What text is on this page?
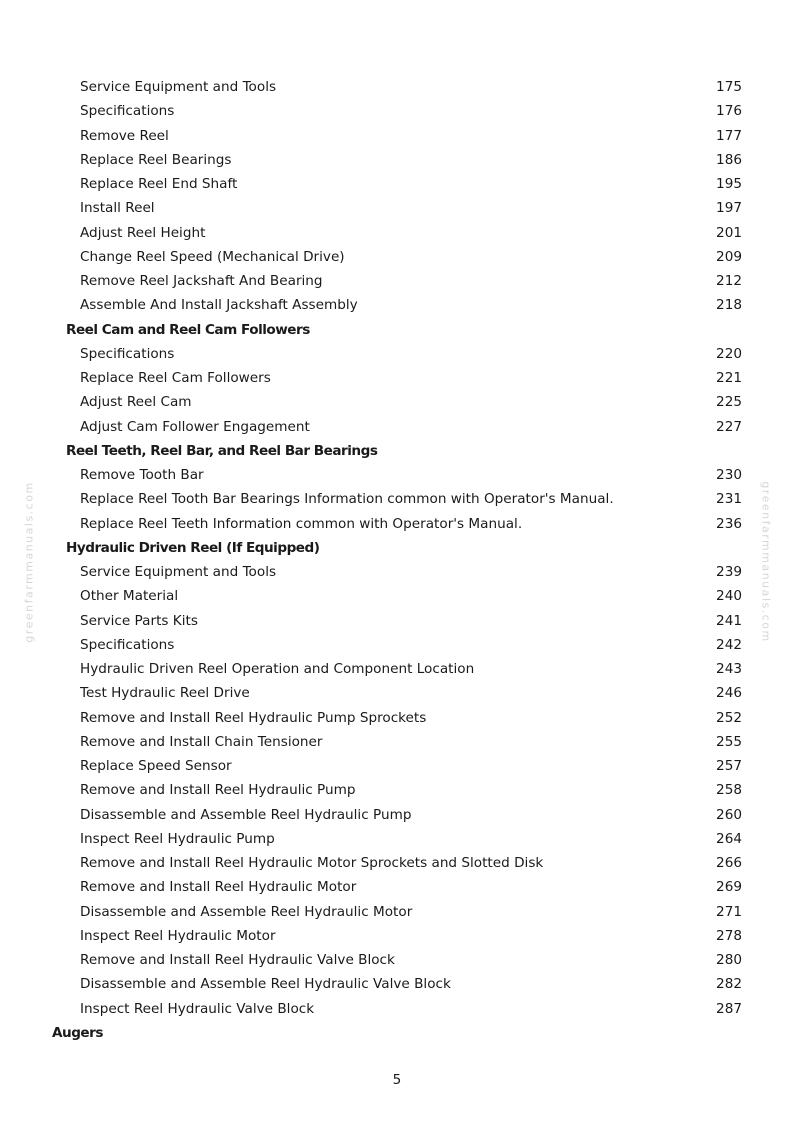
Service Equipment and Tools	175
Specifications	176
Remove Reel	177
Replace Reel Bearings	186
Replace Reel End Shaft	195
Install Reel	197
Adjust Reel Height	201
Change Reel Speed (Mechanical Drive)	209
Remove Reel Jackshaft And Bearing	212
Assemble And Install Jackshaft Assembly	218
Reel Cam and Reel Cam Followers
Specifications	220
Replace Reel Cam Followers	221
Adjust Reel Cam	225
Adjust Cam Follower Engagement	227
Reel Teeth, Reel Bar, and Reel Bar Bearings
Remove Tooth Bar	230
Replace Reel Tooth Bar Bearings Information common with Operator's Manual.	231
Replace Reel Teeth Information common with Operator's Manual.	236
Hydraulic Driven Reel (If Equipped)
Service Equipment and Tools	239
Other Material	240
Service Parts Kits	241
Specifications	242
Hydraulic Driven Reel Operation and Component Location	243
Test Hydraulic Reel Drive	246
Remove and Install Reel Hydraulic Pump Sprockets	252
Remove and Install Chain Tensioner	255
Replace Speed Sensor	257
Remove and Install Reel Hydraulic Pump	258
Disassemble and Assemble Reel Hydraulic Pump	260
Inspect Reel Hydraulic Pump	264
Remove and Install Reel Hydraulic Motor Sprockets and Slotted Disk	266
Remove and Install Reel Hydraulic Motor	269
Disassemble and Assemble Reel Hydraulic Motor	271
Inspect Reel Hydraulic Motor	278
Remove and Install Reel Hydraulic Valve Block	280
Disassemble and Assemble Reel Hydraulic Valve Block	282
Inspect Reel Hydraulic Valve Block	287
Augers
greenfarmmanuals.com	greenfarmmanuals.com
5
